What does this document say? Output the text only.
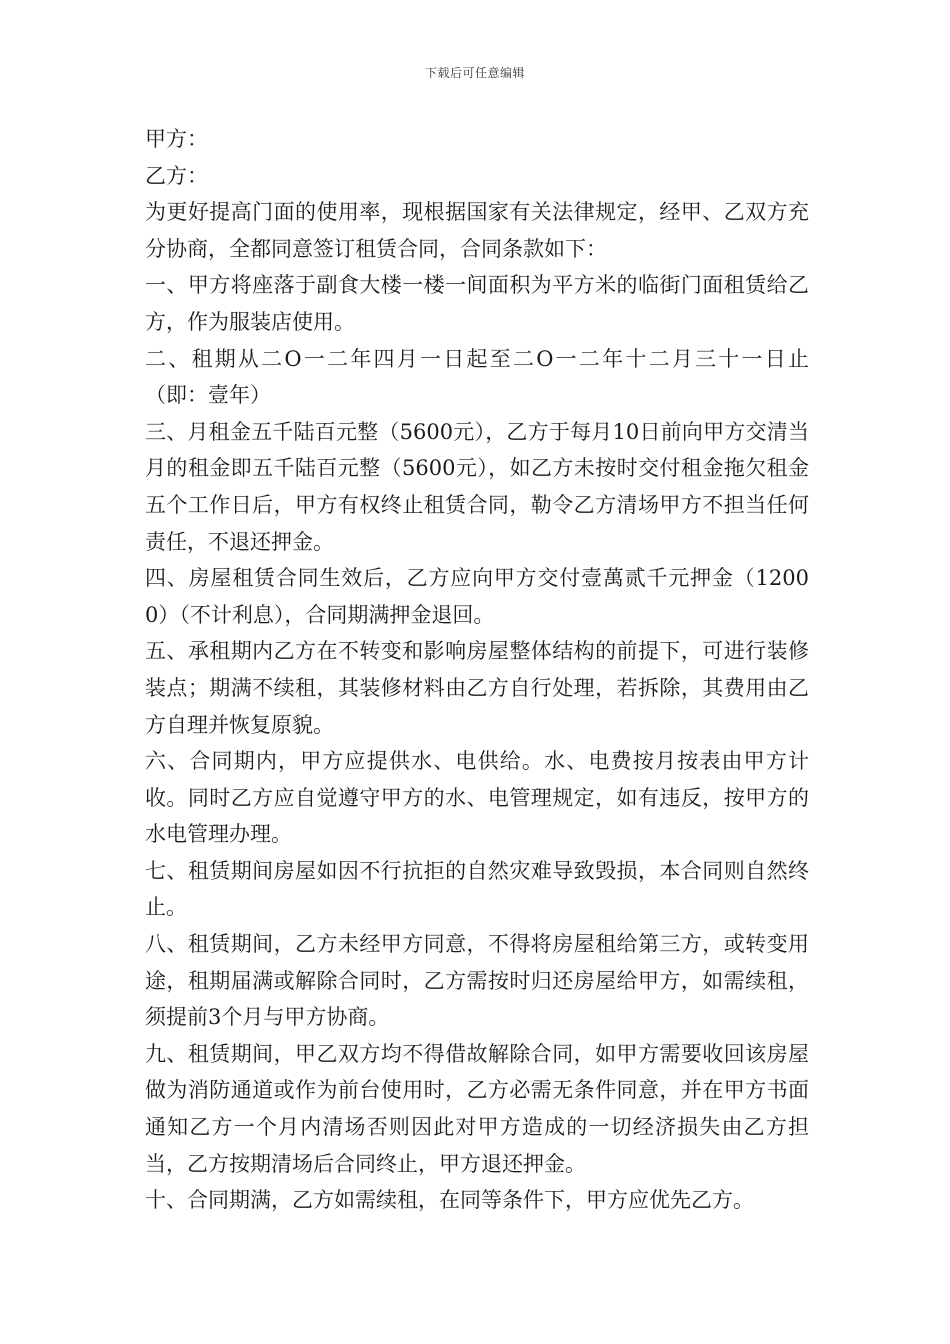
下载后可任意编辑

甲方：

乙方：

为更好提高门面的使用率，现根据国家有关法律规定，经甲、乙双方充分协商，全都同意签订租赁合同，合同条款如下：

一、甲方将座落于副食大楼一楼一间面积为平方米的临街门面租赁给乙方，作为服装店使用。

二、租期从二O一二年四月一日起至二O一二年十二月三十一日止（即：壹年）

三、月租金五千陆百元整（5600元），乙方于每月10日前向甲方交清当月的租金即五千陆百元整（5600元），如乙方未按时交付租金拖欠租金五个工作日后，甲方有权终止租赁合同，勒令乙方清场甲方不担当任何责任，不退还押金。

四、房屋租赁合同生效后，乙方应向甲方交付壹萬贰千元押金（12000）（不计利息），合同期满押金退回。

五、承租期内乙方在不转变和影响房屋整体结构的前提下，可进行装修装点；期满不续租，其装修材料由乙方自行处理，若拆除，其费用由乙方自理并恢复原貌。

六、合同期内，甲方应提供水、电供给。水、电费按月按表由甲方计收。同时乙方应自觉遵守甲方的水、电管理规定，如有违反，按甲方的水电管理办理。

七、租赁期间房屋如因不行抗拒的自然灾难导致毁损，本合同则自然终止。

八、租赁期间，乙方未经甲方同意，不得将房屋租给第三方，或转变用途，租期届满或解除合同时，乙方需按时归还房屋给甲方，如需续租，须提前3个月与甲方协商。

九、租赁期间，甲乙双方均不得借故解除合同，如甲方需要收回该房屋做为消防通道或作为前台使用时，乙方必需无条件同意，并在甲方书面通知乙方一个月内清场否则因此对甲方造成的一切经济损失由乙方担当，乙方按期清场后合同终止，甲方退还押金。

十、合同期满，乙方如需续租，在同等条件下，甲方应优先乙方。
